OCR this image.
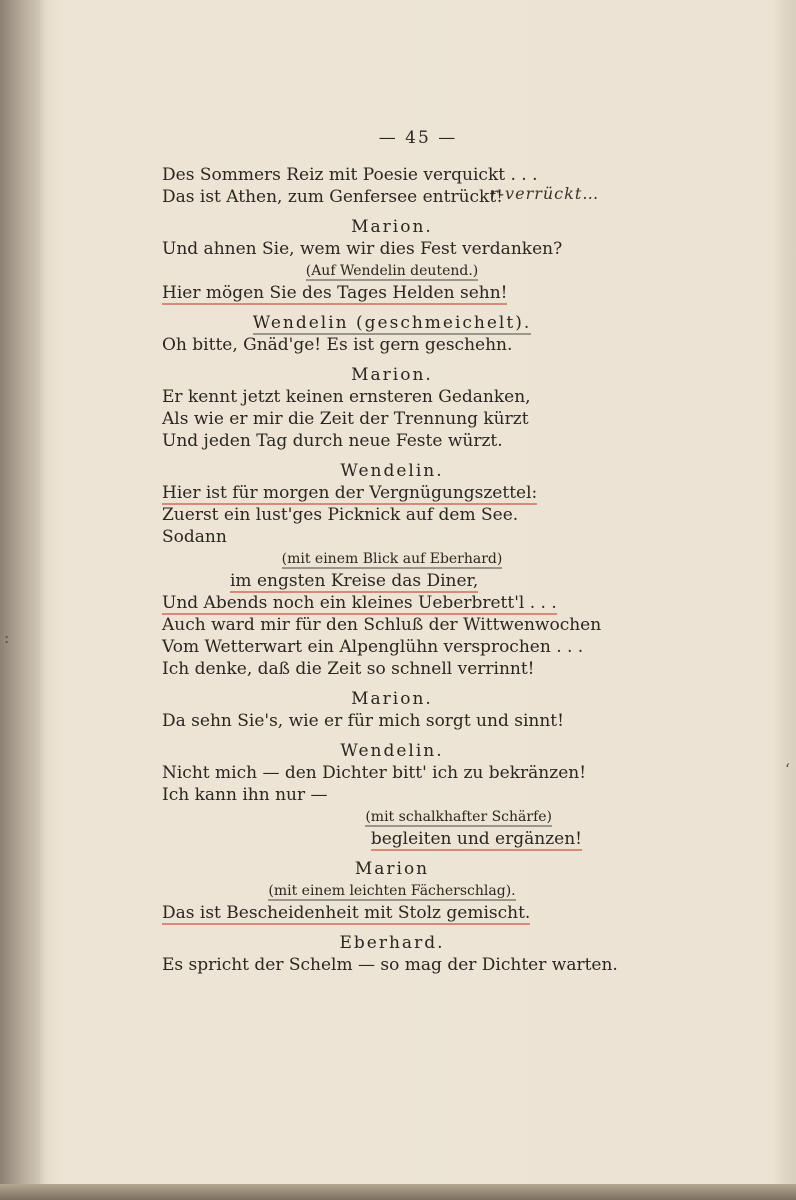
— 45 —
r-verrückt…
:
ʻ
Des Sommers Reiz mit Poesie verquickt . . .
Das ist Athen, zum Genfersee entrückt!
Marion.
Und ahnen Sie, wem wir dies Fest verdanken?
(Auf Wendelin deutend.)
Hier mögen Sie des Tages Helden sehn!
Wendelin (geschmeichelt).
Oh bitte, Gnäd'ge! Es ist gern geschehn.
Marion.
Er kennt jetzt keinen ernsteren Gedanken,
Als wie er mir die Zeit der Trennung kürzt
Und jeden Tag durch neue Feste würzt.
Wendelin.
Hier ist für morgen der Vergnügungszettel:
Zuerst ein lust'ges Picknick auf dem See.
Sodann
(mit einem Blick auf Eberhard)
im engsten Kreise das Diner,
Und Abends noch ein kleines Ueberbrett'l . . .
Auch ward mir für den Schluß der Wittwenwochen
Vom Wetterwart ein Alpenglühn versprochen . . .
Ich denke, daß die Zeit so schnell verrinnt!
Marion.
Da sehn Sie's, wie er für mich sorgt und sinnt!
Wendelin.
Nicht mich — den Dichter bitt' ich zu bekränzen!
Ich kann ihn nur —
(mit schalkhafter Schärfe)
begleiten und ergänzen!
Marion
(mit einem leichten Fächerschlag).
Das ist Bescheidenheit mit Stolz gemischt.
Eberhard.
Es spricht der Schelm — so mag der Dichter warten.
